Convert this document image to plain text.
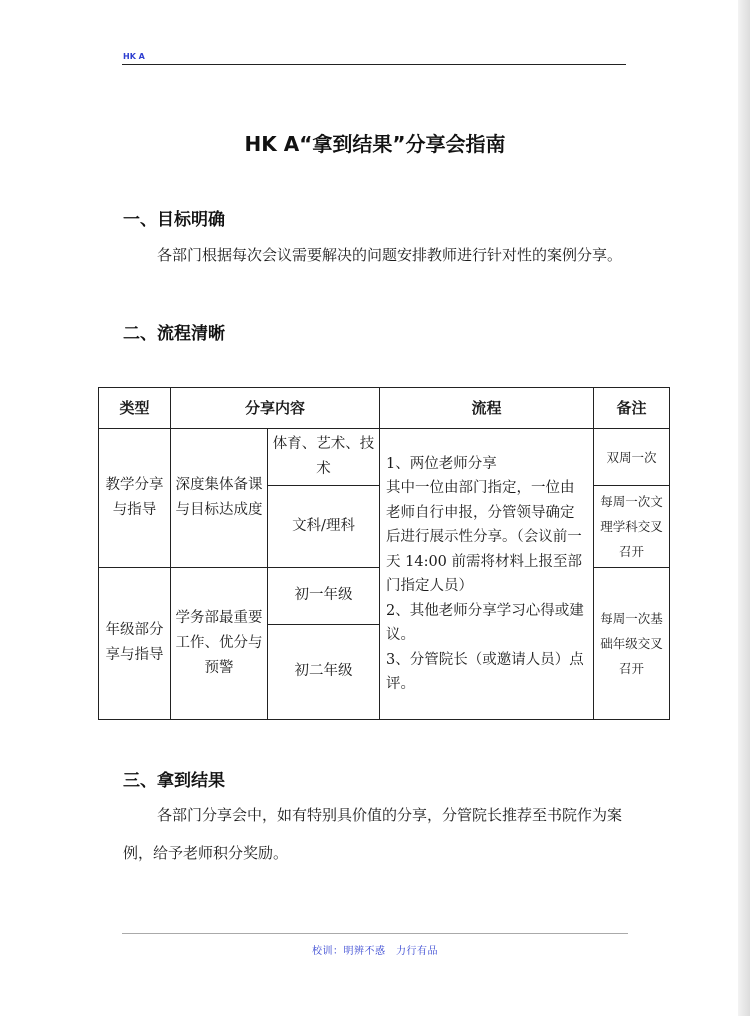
HK A
HK A“拿到结果”分享会指南
一、目标明确
各部门根据每次会议需要解决的问题安排教师进行针对性的案例分享。
二、流程清晰
类型	分享内容		流程	备注
教学分享与指导	深度集体备课与目标达成度	体育、艺术、技术	1、两位老师分享
其中一位由部门指定，一位由老师自行申报，分管领导确定后进行展示性分享。（会议前一天 14:00 前需将材料上报至部门指定人员）
2、其他老师分享学习心得或建议。
3、分管院长（或邀请人员）点评。	双周一次
		文科/理科		每周一次文理学科交叉召开
年级部分享与指导	学务部最重要工作、优分与预警	初一年级		每周一次基础年级交叉召开
		初二年级		
三、拿到结果
各部门分享会中，如有特别具价值的分享，分管院长推荐至书院作为案例，给予老师积分奖励。
校训：明辨不惑　力行有品
